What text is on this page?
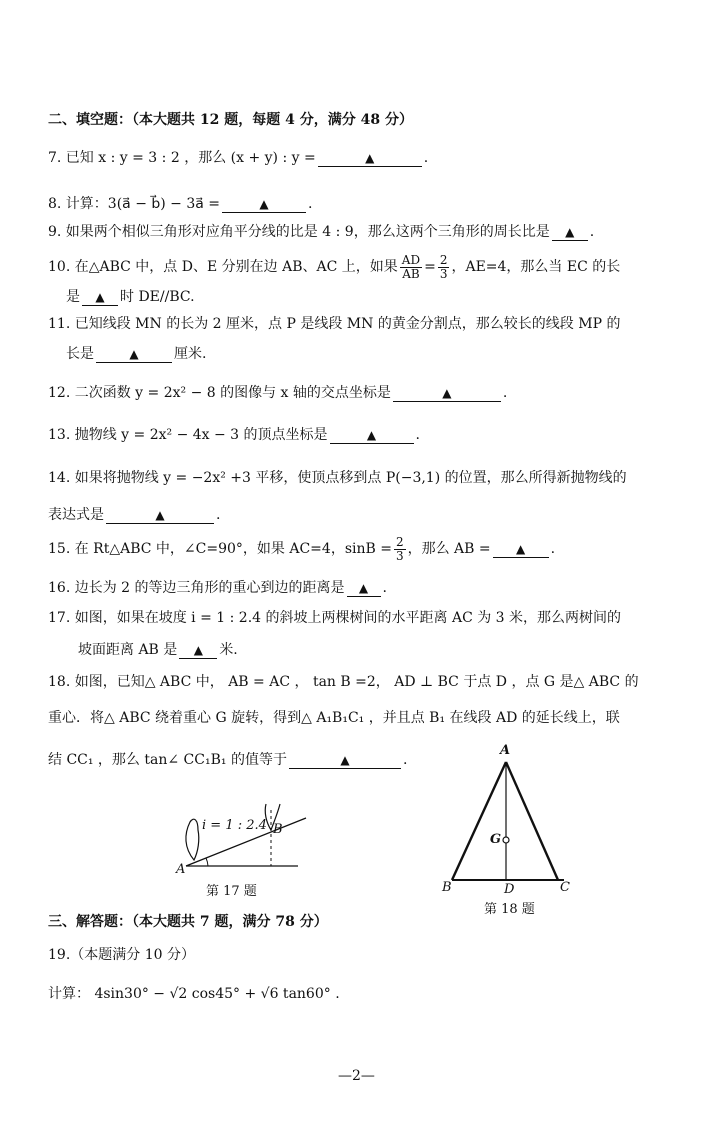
二、填空题：（本大题共 12 题，每题 4 分，满分 48 分）
7. 已知 x : y = 3 : 2 ，那么 (x + y) : y =	▲	.
8. 计算：3(a⃗ − b⃗) − 3a⃗ =	▲	.
9. 如果两个相似三角形对应角平分线的比是 4 : 9，那么这两个三角形的周长比是 ▲ .
10. 在△ABC 中，点 D、E 分别在边 AB、AC 上，如果 $\frac{AD}{AB} = \frac{2}{3}$ ，AE=4，那么当 EC 的长
是 ▲ 时 DE//BC.
11. 已知线段 MN 的长为 2 厘米，点 P 是线段 MN 的黄金分割点，那么较长的线段 MP 的
长是	▲	厘米.
12. 二次函数 y = 2x² − 8 的图像与 x 轴的交点坐标是	▲	.
13. 抛物线 y = 2x² − 4x − 3 的顶点坐标是	▲	.
14. 如果将抛物线 y = −2x² +3 平移，使顶点移到点 P(−3,1) 的位置，那么所得新抛物线的
表达式是	▲	.
15. 在 Rt△ABC 中，∠C=90°，如果 AC=4，$\sin B = \frac{2}{3}$ ，那么 AB = ▲ .
16. 边长为 2 的等边三角形的重心到边的距离是 ▲ .
17. 如图，如果在坡度 i = 1 : 2.4 的斜坡上两棵树间的水平距离 AC 为 3 米，那么两树间的
坡面距离 AB 是 ▲ 米.
18. 如图，已知△ ABC 中， AB = AC ， tan B =2， AD ⊥ BC 于点 D ，点 G 是△ ABC 的
重心．将△ ABC 绕着重心 G 旋转，得到△ A₁B₁C₁ ，并且点 B₁ 在线段 AD 的延长线上，联
结 CC₁ ，那么 tan∠ CC₁B₁ 的值等于	▲	.
i = 1 : 2.4
A
B
第 17 题
A
G
B	D	C
第 18 题
三、解答题：（本大题共 7 题，满分 78 分）
19.（本题满分 10 分）
计算： 4sin30° − √2 cos45° + √6 tan60° .
—2—
